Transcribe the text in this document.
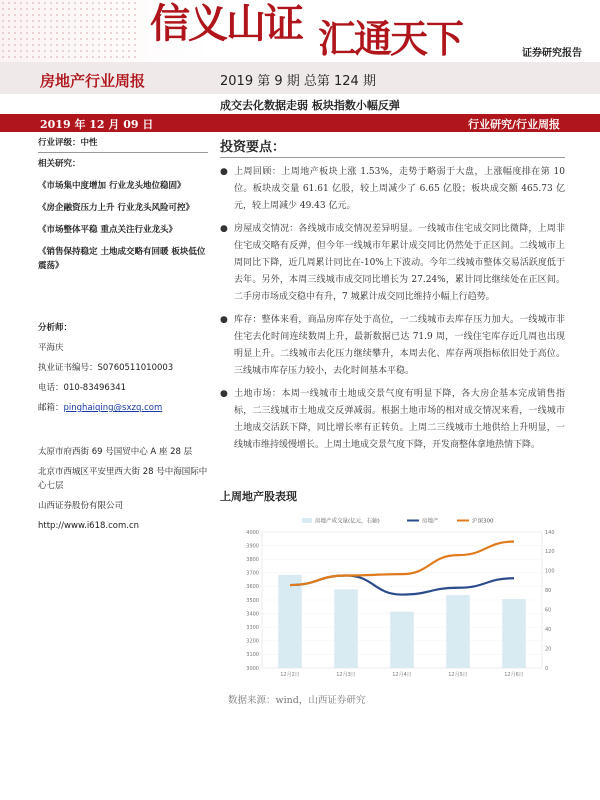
信义山证 汇通天下	证券研究报告
房地产行业周报	2019 第 9 期 总第 124 期
成交去化数据走弱 板块指数小幅反弹
2019 年 12 月 09 日	行业研究/行业周报
行业评级：中性
相关研究：
《市场集中度增加 行业龙头地位稳固》
《房企融资压力上升 行业龙头风险可控》
《市场整体平稳 重点关注行业龙头》
《销售保持稳定 土地成交略有回暖 板块低位震荡》
分析师：
平海庆
执业证书编号：S0760511010003
电话：010-83496341
邮箱：pinghaiqing@sxzq.com
太原市府西街 69 号国贸中心 A 座 28 层
北京市西城区平安里西大街 28 号中海国际中心七层
山西证券股份有限公司
http://www.i618.com.cn
投资要点：
● 上周回顾：上周地产板块上涨 1.53%，走势于略弱于大盘，上涨幅度排在第 10 位。板块成交量 61.61 亿股，较上周减少了 6.65 亿股；板块成交额 465.73 亿元，较上周减少 49.43 亿元。
● 房屋成交情况：各线城市成交情况差异明显。一线城市住宅成交同比微降，上周非住宅成交略有反弹，但今年一线城市年累计成交同比仍然处于正区间。二线城市上周同比下降，近几周累计同比在-10%上下波动。今年二线城市整体交易活跃度低于去年。另外，本周三线城市成交同比增长为 27.24%，累计同比继续处在正区间。二手房市场成交稳中有升，7 城累计成交同比维持小幅上行趋势。
● 库存：整体来看，商品房库存处于高位，一二线城市去库存压力加大。一线城市非住宅去化时间连续数周上升，最新数据已达 71.9 周，一线住宅库存近几周也出现明显上升。二线城市去化压力继续攀升，本周去化、库存两项指标依旧处于高位。三线城市库存压力较小，去化时间基本平稳。
● 土地市场：本周一线城市土地成交景气度有明显下降，各大房企基本完成销售指标，二三线城市土地成交反弹减弱。根据土地市场的相对成交情况来看，一线城市土地成交活跃下降，同比增长率有正转负。上周二三线城市土地供给上升明显，一线城市维持缓慢增长。上周土地成交景气度下降，开发商整体拿地热情下降。
上周地产股表现
3000
3100
3200
3300
3400
3500
3600
3700
3800
3900
4000
0
20
40
60
80
100
120
140
12月2日	12月3日	12月4日	12月5日	12月6日
房地产成交量(亿元，右轴)	房地产	沪深300
数据来源：wind，山西证券研究
